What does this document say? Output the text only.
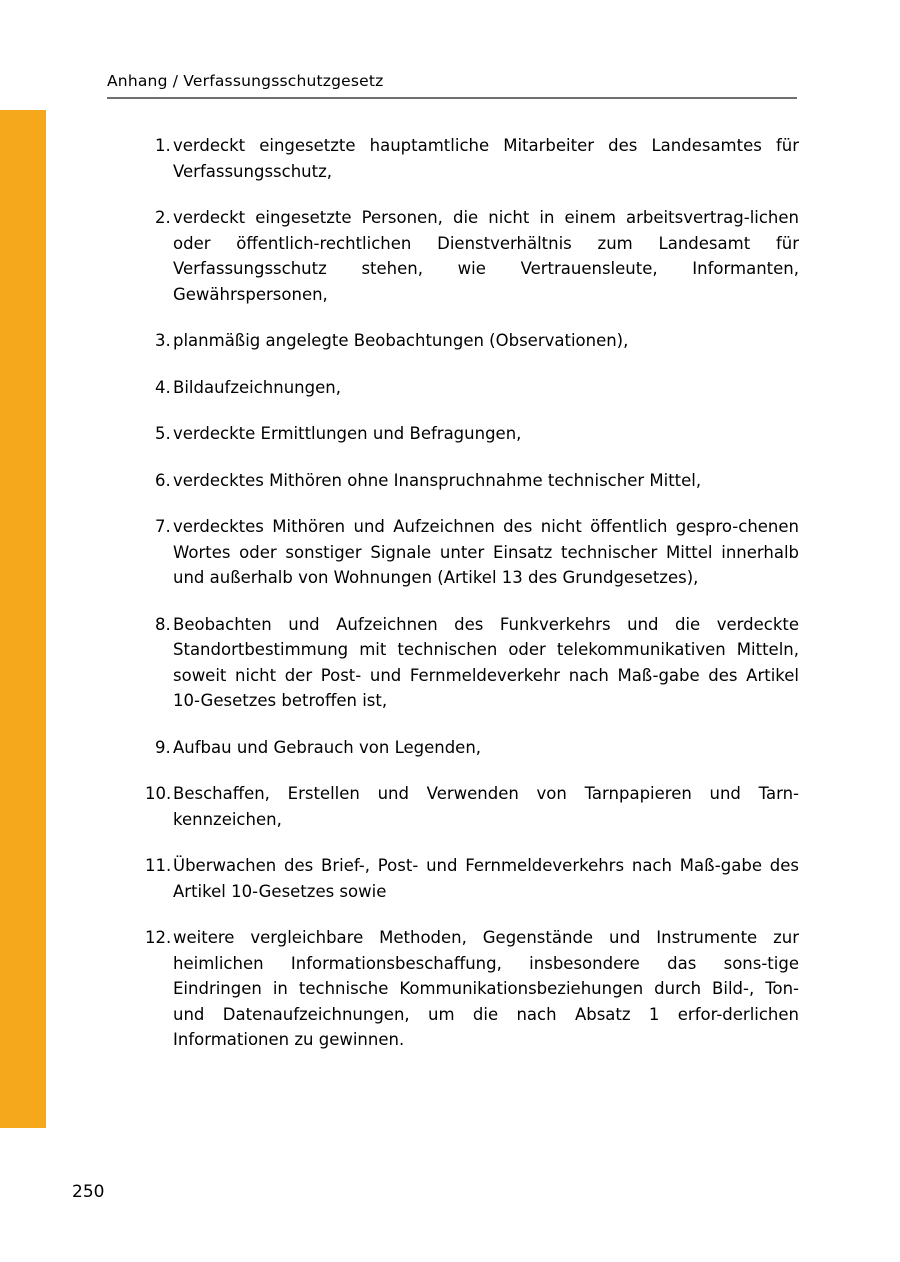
Anhang / Verfassungsschutzgesetz
1. verdeckt eingesetzte hauptamtliche Mitarbeiter des Landesamtes für Verfassungsschutz,
2. verdeckt eingesetzte Personen, die nicht in einem arbeitsvertrag-lichen oder öffentlich-rechtlichen Dienstverhältnis zum Landesamt für Verfassungsschutz stehen, wie Vertrauensleute, Informanten, Gewährspersonen,
3. planmäßig angelegte Beobachtungen (Observationen),
4. Bildaufzeichnungen,
5. verdeckte Ermittlungen und Befragungen,
6. verdecktes Mithören ohne Inanspruchnahme technischer Mittel,
7. verdecktes Mithören und Aufzeichnen des nicht öffentlich gespro-chenen Wortes oder sonstiger Signale unter Einsatz technischer Mittel innerhalb und außerhalb von Wohnungen (Artikel 13 des Grundgesetzes),
8. Beobachten und Aufzeichnen des Funkverkehrs und die verdeckte Standortbestimmung mit technischen oder telekommunikativen Mitteln, soweit nicht der Post- und Fernmeldeverkehr nach Maß-gabe des Artikel 10-Gesetzes betroffen ist,
9. Aufbau und Gebrauch von Legenden,
10. Beschaffen, Erstellen und Verwenden von Tarnpapieren und Tarn-kennzeichen,
11. Überwachen des Brief-, Post- und Fernmeldeverkehrs nach Maß-gabe des Artikel 10-Gesetzes sowie
12. weitere vergleichbare Methoden, Gegenstände und Instrumente zur heimlichen Informationsbeschaffung, insbesondere das sons-tige Eindringen in technische Kommunikationsbeziehungen durch Bild-, Ton- und Datenaufzeichnungen, um die nach Absatz 1 erfor-derlichen Informationen zu gewinnen.
250
